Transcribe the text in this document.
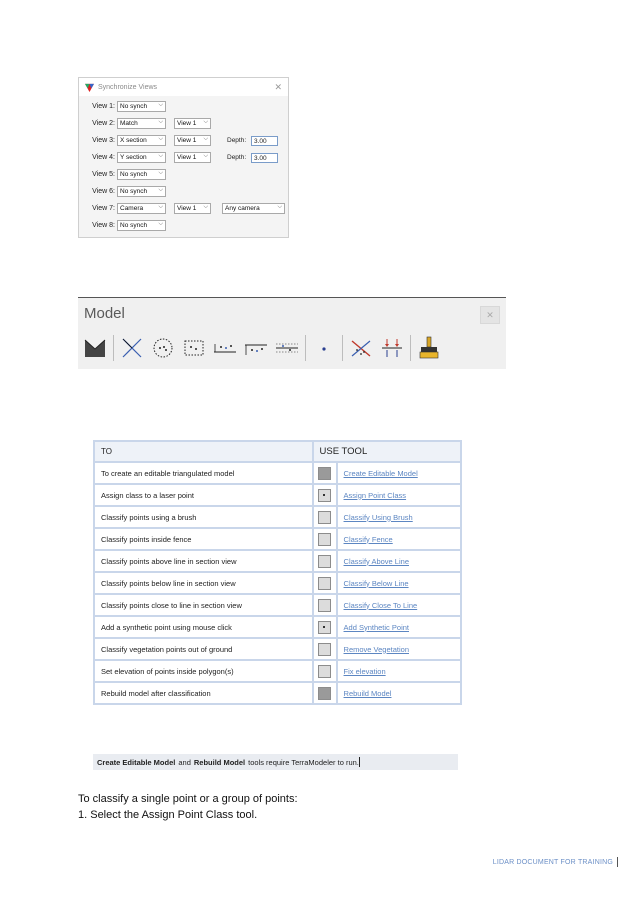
Synchronize Views	✕
View 1: No synch ⌵
View 2: Match	⌵ View 1 ⌵
View 3: X section ⌵ View 1 ⌵	Depth:	3.00
View 4: Y section ⌵ View 1 ⌵	Depth:	3.00
View 5: No synch ⌵
View 6: No synch ⌵
View 7: Camera	⌵ View 1 ⌵	Any camera	⌵
View 8: No synch ⌵
Model	✕
TO	USE TOOL	
To create an editable triangulated model		Create Editable Model
Assign class to a laser point		Assign Point Class
Classify points using a brush		Classify Using Brush
Classify points inside fence		Classify Fence
Classify points above line in section view		Classify Above Line
Classify points below line in section view		Classify Below Line
Classify points close to line in section view		Classify Close To Line
Add a synthetic point using mouse click		Add Synthetic Point
Classify vegetation points out of ground		Remove Vegetation
Set elevation of points inside polygon(s)		Fix elevation
Rebuild model after classification		Rebuild Model
Create Editable Model and Rebuild Model tools require TerraModeler to run.
To classify a single point or a group of points:
1. Select the Assign Point Class tool.
LIDAR DOCUMENT FOR TRAINING
